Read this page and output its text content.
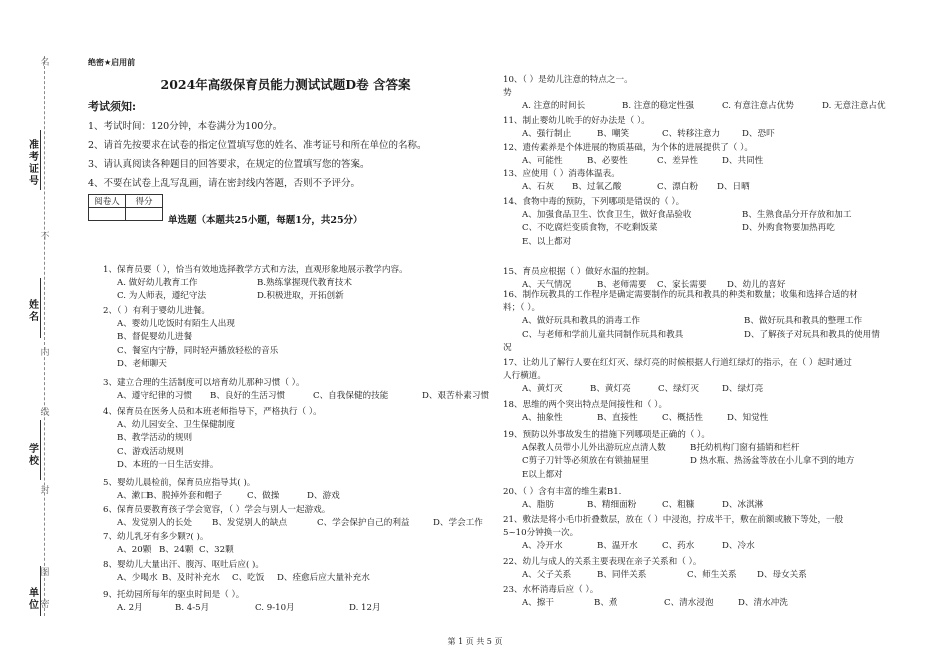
准
考
证
号
姓
名
学
校
单
位
名
不
内
线
封
图
密
绝密★启用前
2024年高级保育员能力测试试题D卷 含答案
考试须知:
1、考试时间：120分钟，本卷满分为100分。
2、请首先按要求在试卷的指定位置填写您的姓名、准考证号和所在单位的名称。
3、请认真阅读各种题目的回答要求，在规定的位置填写您的答案。
4、不要在试卷上乱写乱画，请在密封线内答题，否则不予评分。
阅卷人	得分

单选题（本题共25小题，每题1分，共25分）
1、保育员要（ ），恰当有效地选择教学方式和方法，直观形象地展示教学内容。
A. 做好幼儿教育工作	B.熟练掌握现代教育技术
C. 为人师表，遵纪守法	D.积极进取，开拓创新
2、（ ）有利于婴幼儿进餐。
A、婴幼儿吃饭时有陌生人出现
B、督促婴幼儿进餐
C、餐室内宁静，同时轻声播放轻松的音乐
D、老师聊天
3、建立合理的生活制度可以培育幼儿那种习惯（ ）。
A、遵守纪律的习惯 B、良好的生活习惯	C、自我保健的技能	D、艰苦朴素习惯
4、保育员在医务人员和本班老师指导下，严格执行（ ）。
A、幼儿园安全、卫生保健制度
B、教学活动的规则
C、游戏活动规则
D、本班的一日生活安排。
5、婴幼儿晨检前，保育员应指导其( )。
A、漱口
B、脱掉外套和帽子	C、做操	D、游戏
6、保育员要教育孩子学会宽容，（ ）学会与别人一起游戏。
A、发觉别人的长处 B、发觉别人的缺点	C、学会保护自己的利益	D、学会工作
7、幼儿乳牙有多少颗?( )。
A、20颗 B、24颗 C、32颗
8、婴幼儿大量出汗、腹泻、呕吐后应( )。
A、少喝水 B、及时补充水 C、吃饭 D、痊愈后应大量补充水
9、托幼园所每年的驱虫时间是（ ）。
A. 2月	B. 4-5月	C. 9-10月	D. 12月
10、（ ）是幼儿注意的特点之一。
势
A. 注意的时间长	B. 注意的稳定性强	C. 有意注意占优势	D. 无意注意占优
11、制止婴幼儿吮手的好办法是（ ）。
A、强行制止	B、嘲笑	C、转移注意力	D、恐吓
12、遗传素养是个体进展的物质基础，为个体的进展提供了（ ）。
A、可能性	B、必要性	C、差异性	D、共同性
13、应使用（ ）消毒体温表。
A、石灰 B、过氧乙酸	C、漂白粉 D、日晒
14、食物中毒的预防，下列哪项是错误的（ ）。
A、加强食品卫生、饮食卫生，做好食品验收	B、生熟食品分开存放和加工
C、不吃腐烂变质食物，不吃剩饭菜	D、外购食物要加热再吃
E、以上都对
15、育员应根据（ ）做好水温的控制。
A、天气情况	B、老师需要 C、家长需要 D、幼儿的喜好
16、制作玩教具的工作程序是确定需要制作的玩具和教具的种类和数量；收集和选择合适的材
料；（ ）。
A、做好玩具和教具的消毒工作	B、做好玩具和教具的整理工作
C、与老师和学前儿童共同制作玩具和教具	D、了解孩子对玩具和教具的使用情
况
17、让幼儿了解行人要在红灯灭、绿灯亮的时候根据人行道红绿灯的指示，在（ ）起时通过
人行横道。
A、黄灯灭	B、黄灯亮	C、绿灯灭	D、绿灯亮
18、思维的两个突出特点是间接性和（ ）。
A、抽象性	B、直接性	C、概括性	D、知觉性
19、预防以外事故发生的措施下列哪项是正确的（ ）。
A保教人员带小儿外出游玩应点清人数	B托幼机构门窗有插销和栏杆
C剪子刀针等必须放在有锁抽屉里	D 热水瓶、热汤盆等放在小儿拿不到的地方
E以上都对
20、（ ）含有丰富的维生素B1.
A、脂肪	B、精细面粉	C、粗糠	D、冰淇淋
21、敷法是将小毛巾折叠数层，放在（ ）中浸泡，拧成半干，敷在前额或腋下等处，一般
5~10分钟换一次。
A、冷开水	B、温开水	C、药水	D、冷水
22、幼儿与成人的关系主要表现在亲子关系和（ ）。
A、父子关系	B、同伴关系	C、师生关系 D、母女关系
23、水杯消毒后应（ ）。
A、擦干	B、煮	C、清水浸泡	D、清水冲洗
第 1 页 共 5 页
